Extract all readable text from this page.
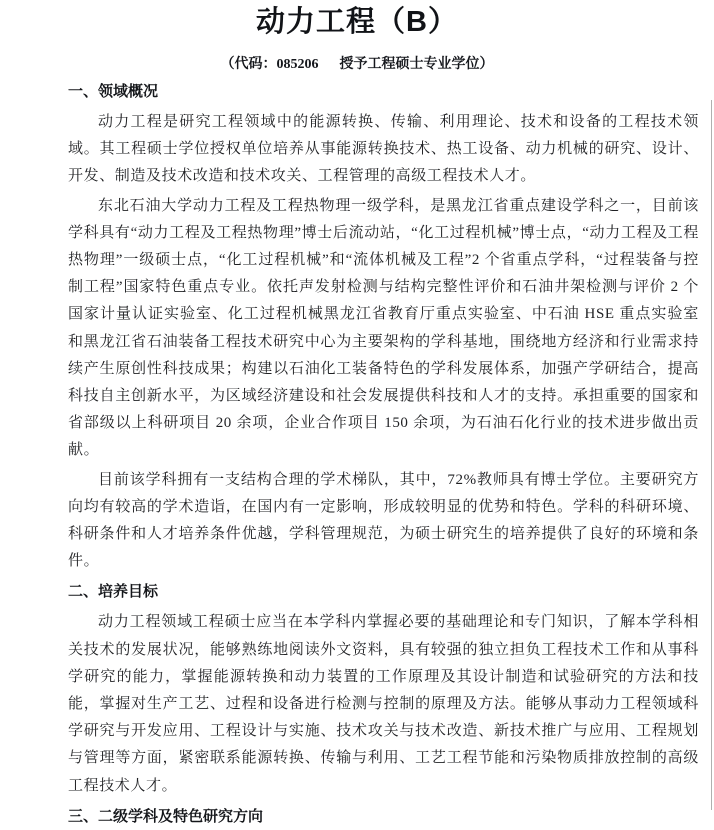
动力工程（B）
（代码：085206      授予工程硕士专业学位）
一、领域概况

动力工程是研究工程领域中的能源转换、传输、利用理论、技术和设备的工程技术领域。其工程硕士学位授权单位培养从事能源转换技术、热工设备、动力机械的研究、设计、开发、制造及技术改造和技术攻关、工程管理的高级工程技术人才。

东北石油大学动力工程及工程热物理一级学科，是黑龙江省重点建设学科之一，目前该学科具有“动力工程及工程热物理”博士后流动站，“化工过程机械”博士点，“动力工程及工程热物理”一级硕士点，“化工过程机械”和“流体机械及工程”2 个省重点学科，“过程装备与控制工程”国家特色重点专业。依托声发射检测与结构完整性评价和石油井架检测与评价 2 个国家计量认证实验室、化工过程机械黑龙江省教育厅重点实验室、中石油 HSE 重点实验室和黑龙江省石油装备工程技术研究中心为主要架构的学科基地，围绕地方经济和行业需求持续产生原创性科技成果；构建以石油化工装备特色的学科发展体系，加强产学研结合，提高科技自主创新水平，为区域经济建设和社会发展提供科技和人才的支持。承担重要的国家和省部级以上科研项目 20 余项，企业合作项目 150 余项，为石油石化行业的技术进步做出贡献。

目前该学科拥有一支结构合理的学术梯队，其中，72%教师具有博士学位。主要研究方向均有较高的学术造诣，在国内有一定影响，形成较明显的优势和特色。学科的科研环境、科研条件和人才培养条件优越，学科管理规范，为硕士研究生的培养提供了良好的环境和条件。

二、培养目标

动力工程领域工程硕士应当在本学科内掌握必要的基础理论和专门知识，了解本学科相关技术的发展状况，能够熟练地阅读外文资料，具有较强的独立担负工程技术工作和从事科学研究的能力，掌握能源转换和动力装置的工作原理及其设计制造和试验研究的方法和技能，掌握对生产工艺、过程和设备进行检测与控制的原理及方法。能够从事动力工程领域科学研究与开发应用、工程设计与实施、技术攻关与技术改造、新技术推广与应用、工程规划与管理等方面，紧密联系能源转换、传输与利用、工艺工程节能和污染物质排放控制的高级工程技术人才。

三、二级学科及特色研究方向
